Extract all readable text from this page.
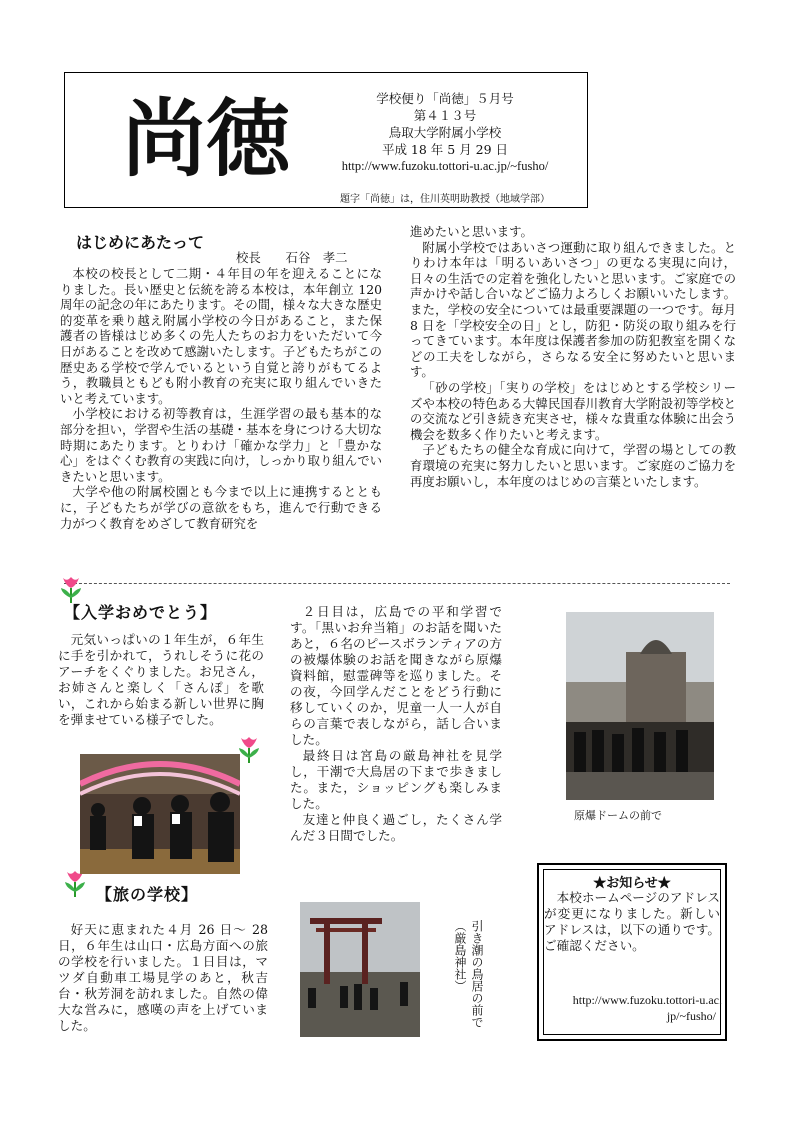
尚徳	学校便り「尚徳」５月号
第４１３号
鳥取大学附属小学校
平成 18 年 5 月 29 日
http://www.fuzoku.tottori-u.ac.jp/~fusho/
題字「尚徳」は，住川英明助教授（地域学部）
はじめにあたって
校長　　石谷　孝二

本校の校長として二期・４年目の年を迎えることになりました。長い歴史と伝統を誇る本校は，本年創立 120 周年の記念の年にあたります。その間，様々な大きな歴史的変革を乗り越え附属小学校の今日があること，また保護者の皆様はじめ多くの先人たちのお力をいただいて今日があることを改めて感謝いたします。子どもたちがこの歴史ある学校で学んでいるという自覚と誇りがもてるよう，教職員ともども附小教育の充実に取り組んでいきたいと考えています。

小学校における初等教育は，生涯学習の最も基本的な部分を担い，学習や生活の基礎・基本を身につける大切な時期にあたります。とりわけ「確かな学力」と「豊かな心」をはぐくむ教育の実践に向け，しっかり取り組んでいきたいと思います。

大学や他の附属校園とも今まで以上に連携するとともに，子どもたちが学びの意欲をもち，進んで行動できる力がつく教育をめざして教育研究を

進めたいと思います。

附属小学校ではあいさつ運動に取り組んできました。とりわけ本年は「明るいあいさつ」の更なる実現に向け，日々の生活での定着を強化したいと思います。ご家庭での声かけや話し合いなどご協力よろしくお願いいたします。また，学校の安全については最重要課題の一つです。毎月 8 日を「学校安全の日」とし，防犯・防災の取り組みを行ってきています。本年度は保護者参加の防犯教室を開くなどの工夫をしながら，さらなる安全に努めたいと思います。

「砂の学校」「実りの学校」をはじめとする学校シリーズや本校の特色ある大韓民国春川教育大学附設初等学校との交流など引き続き充実させ，様々な貴重な体験に出会う機会を数多く作りたいと考えます。

子どもたちの健全な育成に向けて，学習の場としての教育環境の充実に努力したいと思います。ご家庭のご協力を再度お願いし，本年度のはじめの言葉といたします。

【入学おめでとう】

元気いっぱいの１年生が，６年生に手を引かれて，うれしそうに花のアーチをくぐりました。お兄さん，お姉さんと楽しく「さんぽ」を歌い，これから始まる新しい世界に胸を弾ませている様子でした。

【旅の学校】

好天に恵まれた４月 26 日～ 28 日，６年生は山口・広島方面への旅の学校を行いました。１日目は，マツダ自動車工場見学のあと，秋吉台・秋芳洞を訪れました。自然の偉大な営みに，感嘆の声を上げていました。

２日目は，広島での平和学習です。「黒いお弁当箱」のお話を聞いたあと，６名のピースボランティアの方の被爆体験のお話を聞きながら原爆資料館，慰霊碑等を巡りました。その夜，今回学んだことをどう行動に移していくのか，児童一人一人が自らの言葉で表しながら，話し合いました。

最終日は宮島の厳島神社を見学し，干潮で大鳥居の下まで歩きました。また，ショッピングも楽しみました。

友達と仲良く過ごし，たくさん学んだ３日間でした。

原爆ドームの前で
引き潮の鳥居の前で（厳島神社）
★お知らせ★

本校ホームページのアドレスが変更になりました。新しいアドレスは，以下の通りです。ご確認ください。

http://www.fuzoku.tottori-u.ac.
jp/~fusho/
